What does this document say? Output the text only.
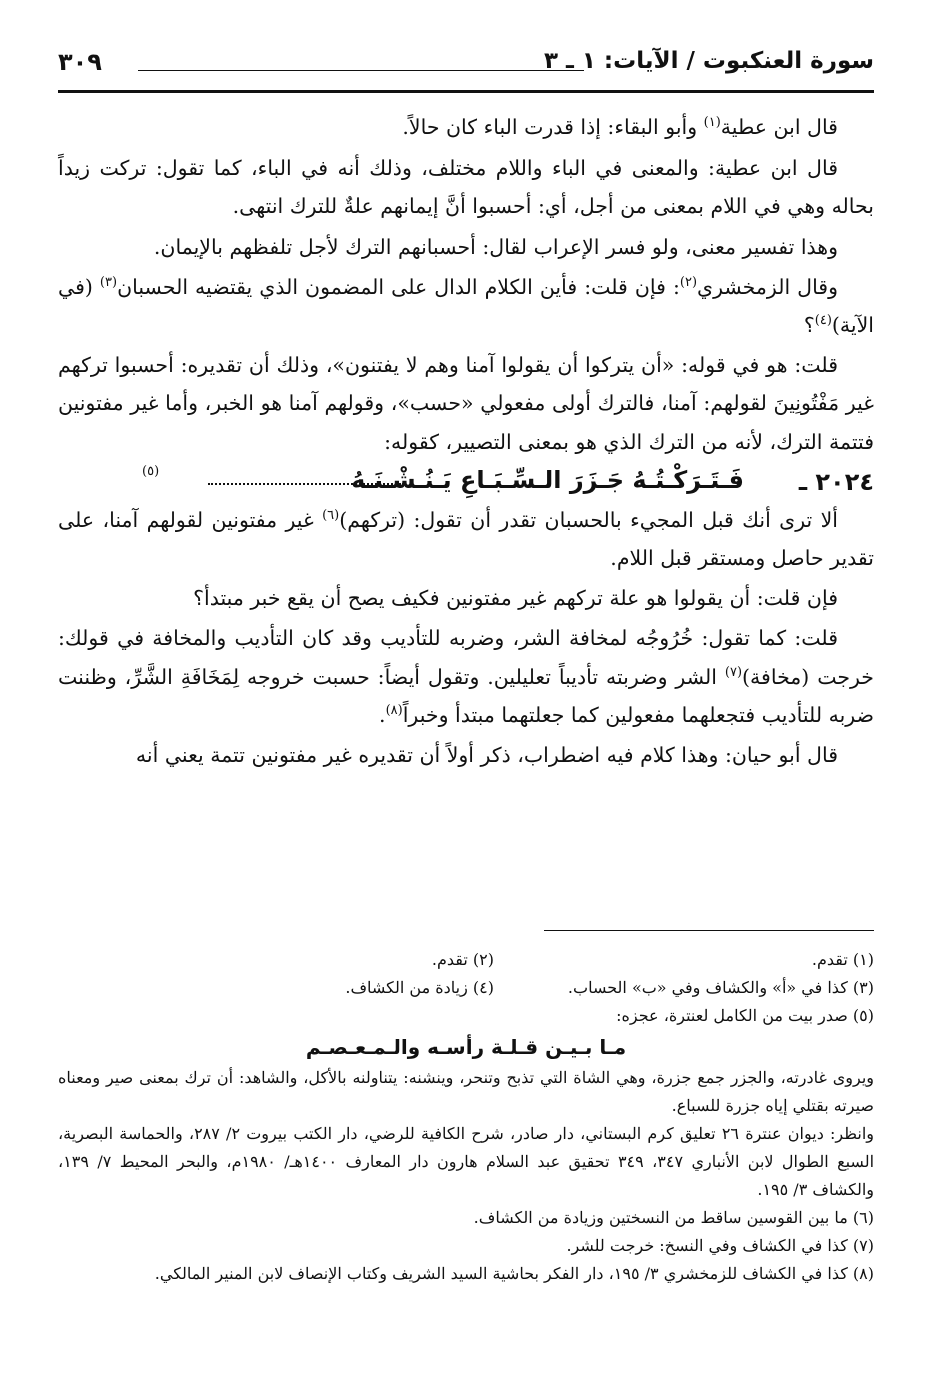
سورة العنكبوت / الآيات: ١ ـ ٣
٣٠٩

قال ابن عطية$^{(١)}$ وأبو البقاء: إذا قدرت الباء كان حالاً.

قال ابن عطية: والمعنى في الباء واللام مختلف، وذلك أنه في الباء، كما تقول: تركت زيداً بحاله وهي في اللام بمعنى من أجل، أي: أحسبوا أنَّ إيمانهم علةٌ للترك انتهى.

وهذا تفسير معنى، ولو فسر الإعراب لقال: أحسبانهم الترك لأجل تلفظهم بالإيمان.

وقال الزمخشري$^{(٢)}$: فإن قلت: فأين الكلام الدال على المضمون الذي يقتضيه الحسبان$^{(٣)}$ (في الآية)$^{(٤)}$؟

قلت: هو في قوله: «أن يتركوا أن يقولوا آمنا وهم لا يفتنون»، وذلك أن تقديره: أحسبوا تركهم غير مَفْتُونِينَ لقولهم: آمنا، فالترك أولى مفعولي «حسب»، وقولهم آمنا هو الخبر، وأما غير مفتونين فتتمة الترك، لأنه من الترك الذي هو بمعنى التصيير، كقوله:

٢٠٢٤ ـ
فَـتَـرَكْـتُـهُ جَـزَرَ الـسِّـبَـاعِ يَـنُـشْـنَـهُ
(٥)

ألا ترى أنك قبل المجيء بالحسبان تقدر أن تقول: (تركهم)$^{(٦)}$ غير مفتونين لقولهم آمنا، على تقدير حاصل ومستقر قبل اللام.

فإن قلت: أن يقولوا هو علة تركهم غير مفتونين فكيف يصح أن يقع خبر مبتدأ؟

قلت: كما تقول: خُرُوجُه لمخافة الشر، وضربه للتأديب وقد كان التأديب والمخافة في قولك: خرجت (مخافة)$^{(٧)}$ الشر وضربته تأديباً تعليلين. وتقول أيضاً: حسبت خروجه لِمَخَافَةِ الشَّرِّ، وظننت ضربه للتأديب فتجعلهما مفعولين كما جعلتهما مبتدأ وخبراً$^{(٨)}$.

قال أبو حيان: وهذا كلام فيه اضطراب، ذكر أولاً أن تقديره غير مفتونين تتمة يعني أنه

(١) تقدم.
(٢) تقدم.
(٣) كذا في «أ» والكشاف وفي «ب» الحساب.
(٤) زيادة من الكشاف.

(٥) صدر بيت من الكامل لعنترة، عجزه:

مـا بـيـن قـلـة رأسـه والـمـعـصـم

ويروى غادرته، والجزر جمع جزرة، وهي الشاة التي تذبح وتنحر، وينشنه: يتناولنه بالأكل، والشاهد: أن ترك بمعنى صير ومعناه صيرته بقتلي إياه جزرة للسباع.

وانظر: ديوان عنترة ٢٦ تعليق كرم البستاني، دار صادر، شرح الكافية للرضي، دار الكتب بيروت ٢/ ٢٨٧، والحماسة البصرية، السبع الطوال لابن الأنباري ٣٤٧، ٣٤٩ تحقيق عبد السلام هارون دار المعارف ١٤٠٠هـ/ ١٩٨٠م، والبحر المحيط ٧/ ١٣٩، والكشاف ٣/ ١٩٥.

(٦) ما بين القوسين ساقط من النسختين وزيادة من الكشاف.

(٧) كذا في الكشاف وفي النسخ: خرجت للشر.

(٨) كذا في الكشاف للزمخشري ٣/ ١٩٥، دار الفكر بحاشية السيد الشريف وكتاب الإنصاف لابن المنير المالكي.
